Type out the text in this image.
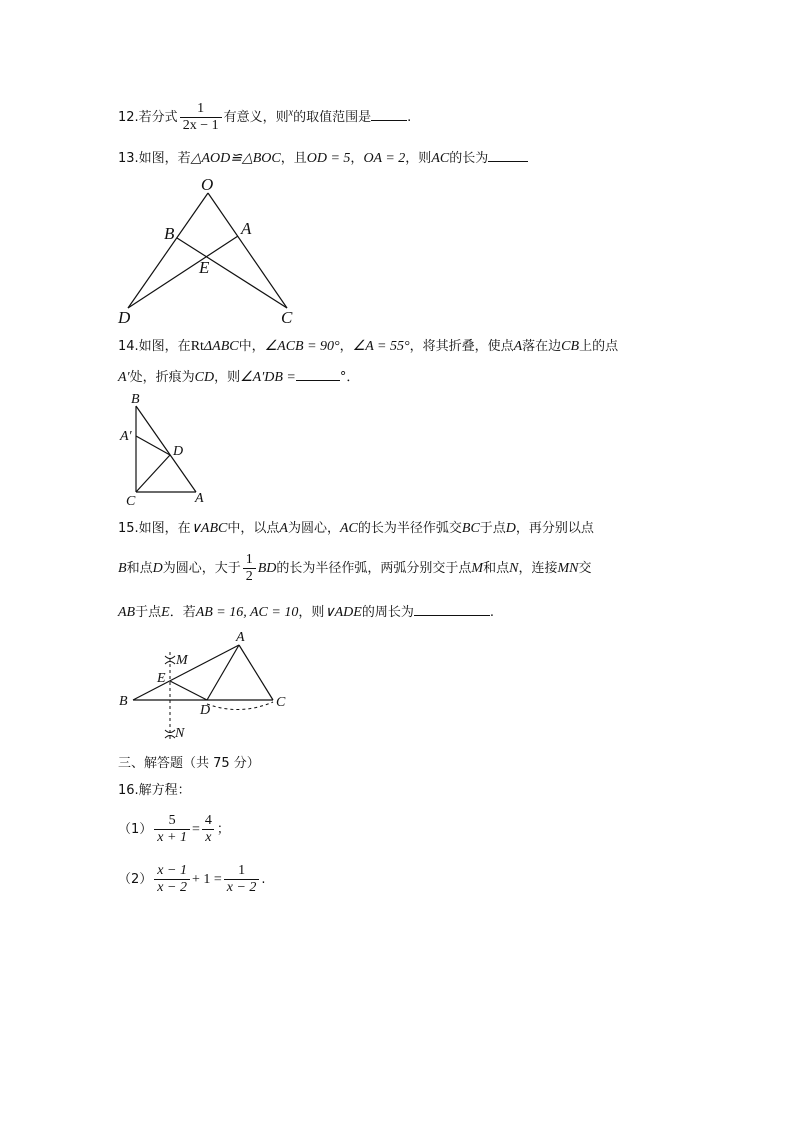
12.若分式 $\frac{1}{2x - 1}$ 有意义，则$^x$的取值范围是	.
13.如图，若△AOD≌△BOC，且OD = 5，OA = 2，则AC的长为
O
B	A
E
D	C
14.如图，在RtΔABC中，∠ACB = 90°，∠A = 55°，将其折叠，使点A落在边CB上的点
A′处，折痕为CD，则∠A′DB =	°．
B
A′
D
C	A
15.如图，在∨ABC中，以点A为圆心，AC的长为半径作弧交BC于点D，再分别以点
B和点D为圆心，大于 $\frac{1}{2}$ BD的长为半径作弧，两弧分别交于点M和点N，连接MN交
AB于点E．若AB = 16, AC = 10，则∨ADE的周长为	.
A
M
E
B
D
C
N
三、解答题（共 75 分）
16.解方程：
$(1) \frac{5}{x + 1} = \frac{4}{x}$ ；
$(2) \frac{x - 1}{x - 2} + 1 = \frac{1}{x - 2}$ .
